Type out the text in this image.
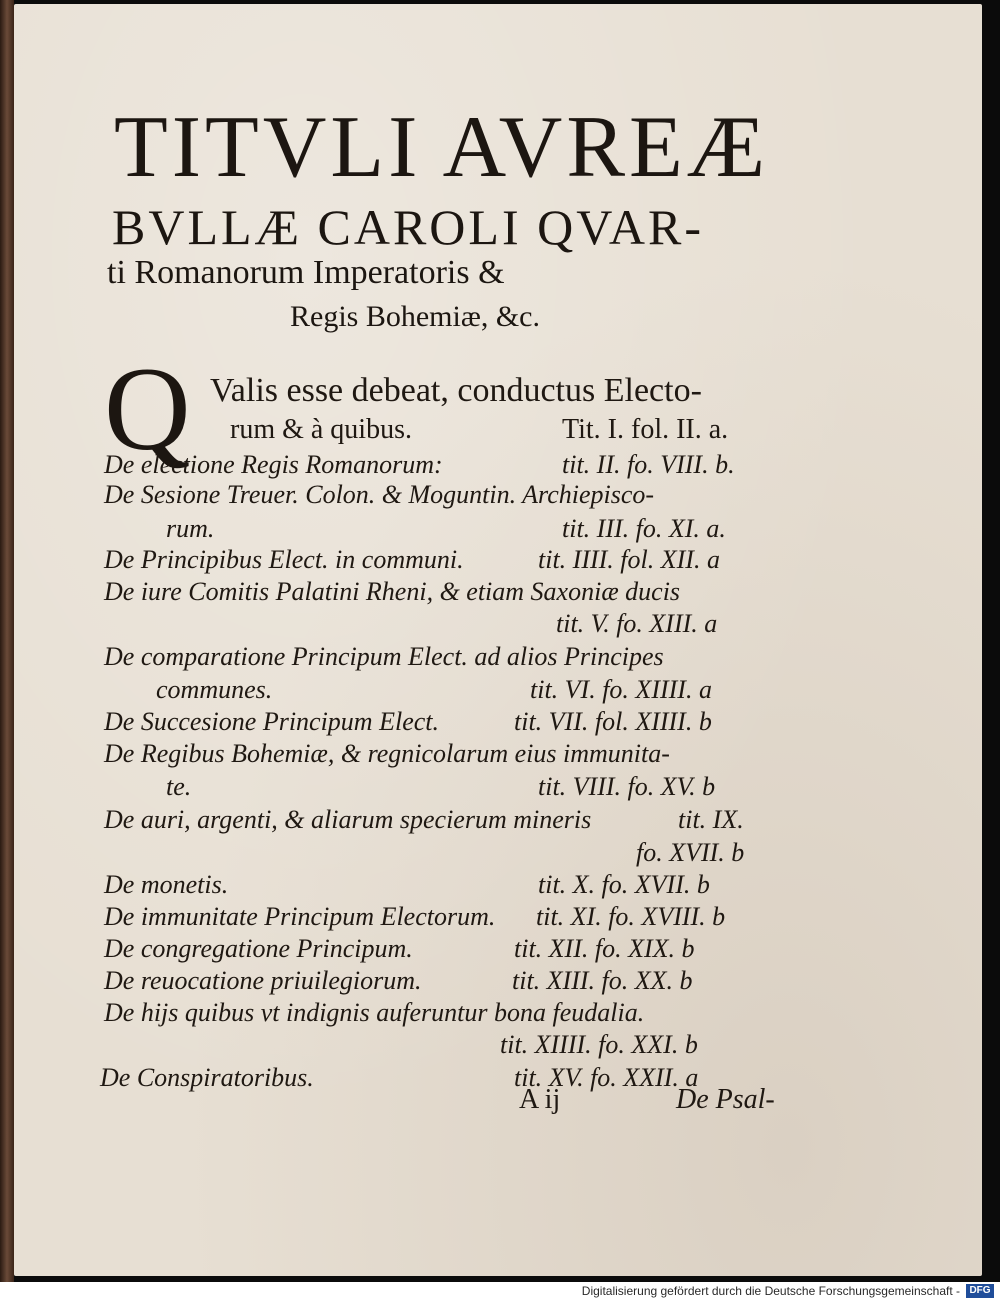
TITVLI AVREÆ
BVLLÆ CAROLI QVAR-
ti Romanorum Imperatoris &
Regis Bohemiæ, &c.
Q Valis esse debeat, conductus Electo-
rum & à quibus.	Tit. I. fol. II. a.
De electione Regis Romanorum:	tit. II. fo. VIII. b.
De Sesione Treuer. Colon. & Moguntin. Archiepisco-
rum.	tit. III. fo. XI. a.
De Principibus Elect. in communi.	tit. IIII. fol. XII. a
De iure Comitis Palatini Rheni, & etiam Saxoniæ ducis
tit. V. fo. XIII. a
De comparatione Principum Elect. ad alios Principes
communes.	tit. VI. fo. XIIII. a
De Succesione Principum Elect.	tit. VII. fol. XIIII. b
De Regibus Bohemiæ, & regnicolarum eius immunita-
te.	tit. VIII. fo. XV. b
De auri, argenti, & aliarum specierum mineris	tit. IX.
fo. XVII. b
De monetis.	tit. X. fo. XVII. b
De immunitate Principum Electorum. tit. XI. fo. XVIII. b
De congregatione Principum.	tit. XII. fo. XIX. b
De reuocatione priuilegiorum.	tit. XIII. fo. XX. b
De hijs quibus vt indignis auferuntur bona feudalia.
tit. XIIII. fo. XXI. b
De Conspiratoribus.	tit. XV. fo. XXII. a
A ij	De Psal-
Digitalisierung gefördert durch die Deutsche Forschungsgemeinschaft - DFG
